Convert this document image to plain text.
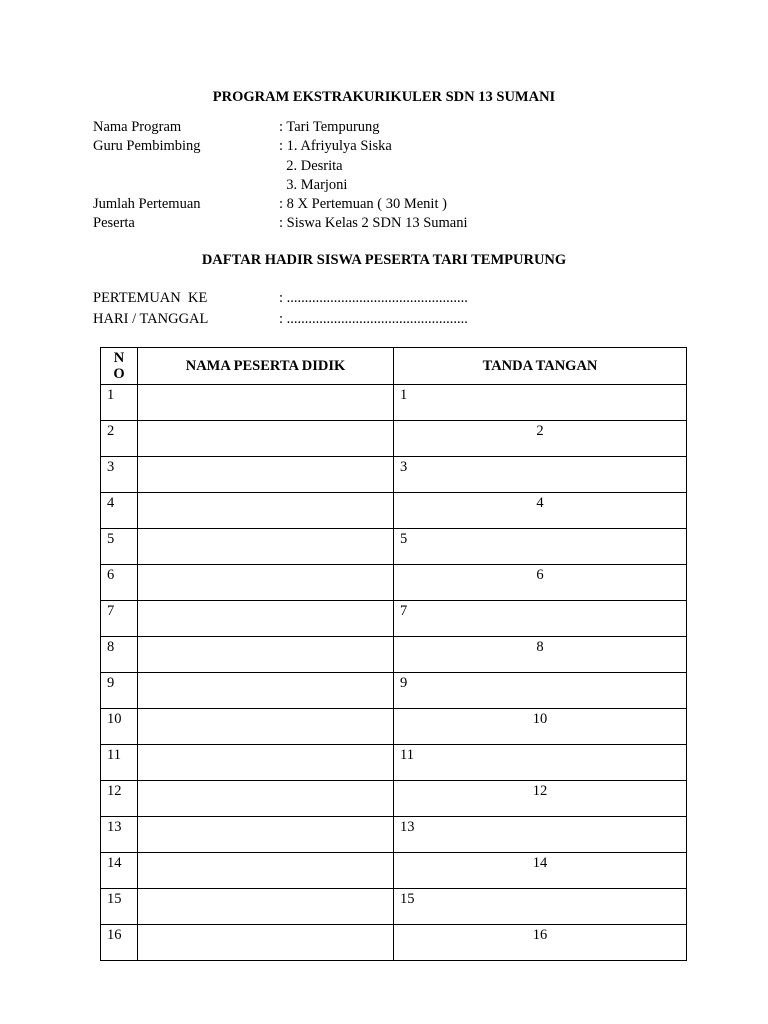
PROGRAM EKSTRAKURIKULER SDN 13 SUMANI
Nama Program	: Tari Tempurung
Guru Pembimbing	: 1. Afriyulya Siska
2. Desrita
3. Marjoni
Jumlah Pertemuan	: 8 X Pertemuan ( 30 Menit )
Peserta	: Siswa Kelas 2 SDN 13 Sumani
DAFTAR HADIR SISWA PESERTA TARI TEMPURUNG
PERTEMUAN  KE	: ..................................................
HARI / TANGGAL	: ..................................................
N
O	NAMA PESERTA DIDIK	TANDA TANGAN
1		1
2		2
3		3
4		4
5		5
6		6
7		7
8		8
9		9
10		10
11		11
12		12
13		13
14		14
15		15
16		16
